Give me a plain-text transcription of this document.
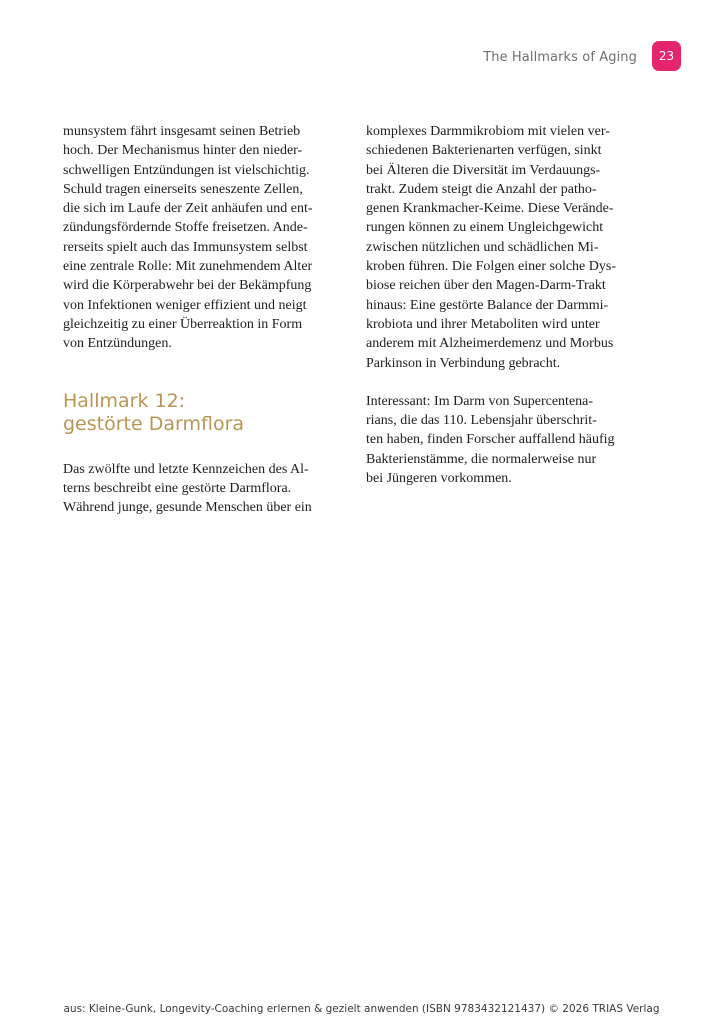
The Hallmarks of Aging	23

munsystem fährt insgesamt seinen Betrieb
hoch. Der Mechanismus hinter den nieder-
schwelligen Entzündungen ist vielschichtig.
Schuld tragen einerseits seneszente Zellen,
die sich im Laufe der Zeit anhäufen und ent-
zündungsfördernde Stoffe freisetzen. Ande-
rerseits spielt auch das Immunsystem selbst
eine zentrale Rolle: Mit zunehmendem Alter
wird die Körperabwehr bei der Bekämpfung
von Infektionen weniger effizient und neigt
gleichzeitig zu einer Überreaktion in Form
von Entzündungen.

Hallmark 12:
gestörte Darmflora

Das zwölfte und letzte Kennzeichen des Al-
terns beschreibt eine gestörte Darmflora.
Während junge, gesunde Menschen über ein

komplexes Darmmikrobiom mit vielen ver-
schiedenen Bakterienarten verfügen, sinkt
bei Älteren die Diversität im Verdauungs-
trakt. Zudem steigt die Anzahl der patho-
genen Krankmacher-Keime. Diese Verände-
rungen können zu einem Ungleichgewicht
zwischen nützlichen und schädlichen Mi-
kroben führen. Die Folgen einer solche Dys-
biose reichen über den Magen-Darm-Trakt
hinaus: Eine gestörte Balance der Darmmi-
krobiota und ihrer Metaboliten wird unter
anderem mit Alzheimerdemenz und Morbus
Parkinson in Verbindung gebracht.

Interessant: Im Darm von Supercentena-
rians, die das 110. Lebensjahr überschrit-
ten haben, finden Forscher auffallend häufig
Bakterienstämme, die normalerweise nur
bei Jüngeren vorkommen.

aus: Kleine-Gunk, Longevity-Coaching erlernen & gezielt anwenden (ISBN 9783432121437) © 2026 TRIAS Verlag
